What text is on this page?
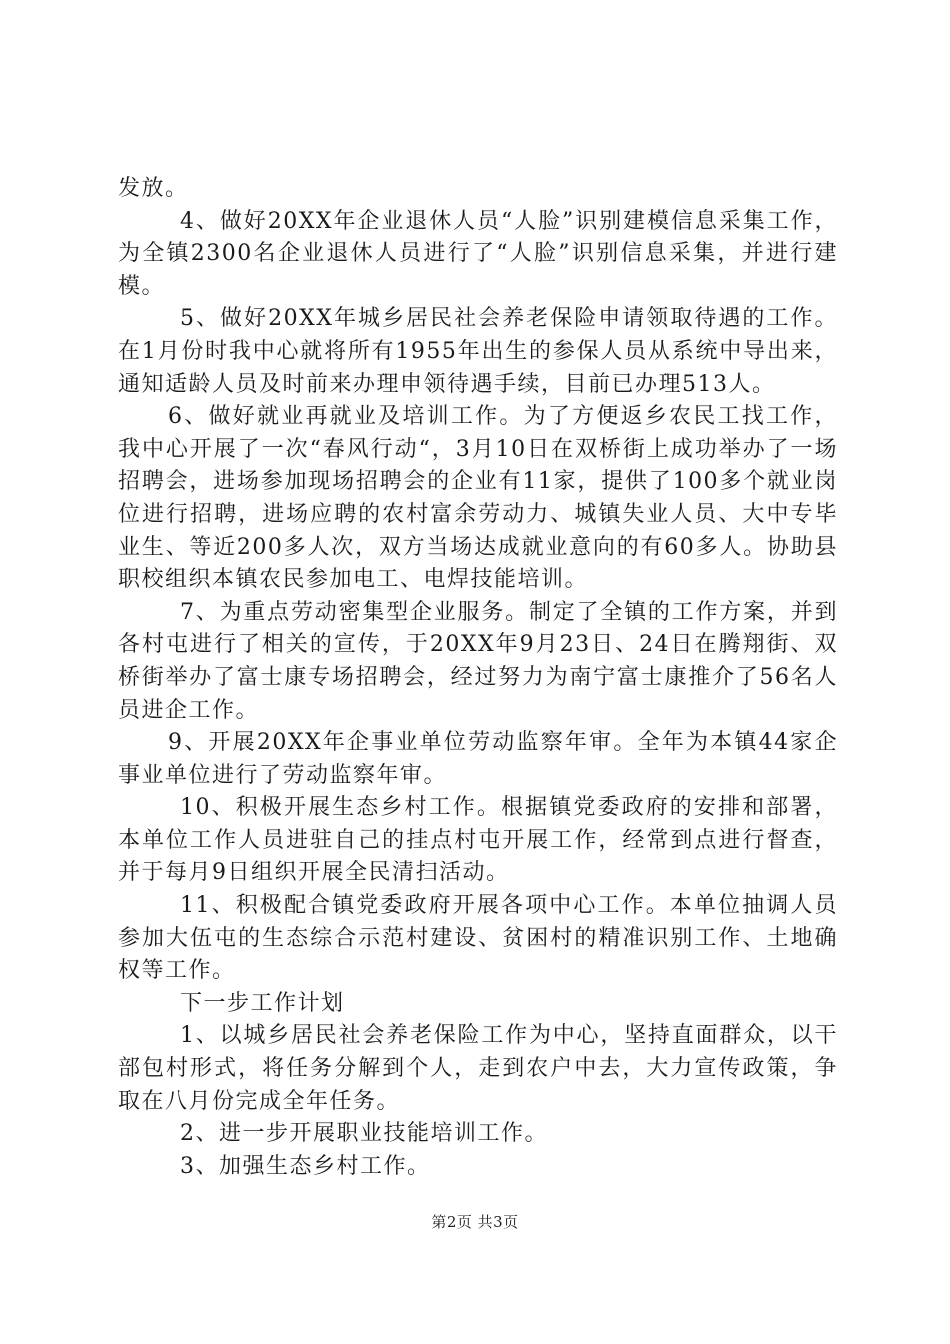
发放。

4、做好20XX年企业退休人员“人脸”识别建模信息采集工作，为全镇2300名企业退休人员进行了“人脸”识别信息采集，并进行建模。

5、做好20XX年城乡居民社会养老保险申请领取待遇的工作。在1月份时我中心就将所有1955年出生的参保人员从系统中导出来，通知适龄人员及时前来办理申领待遇手续，目前已办理513人。

6、做好就业再就业及培训工作。为了方便返乡农民工找工作，我中心开展了一次“春风行动“，3月10日在双桥街上成功举办了一场招聘会，进场参加现场招聘会的企业有11家，提供了100多个就业岗位进行招聘，进场应聘的农村富余劳动力、城镇失业人员、大中专毕业生、等近200多人次，双方当场达成就业意向的有60多人。协助县职校组织本镇农民参加电工、电焊技能培训。

7、为重点劳动密集型企业服务。制定了全镇的工作方案，并到各村屯进行了相关的宣传，于20XX年9月23日、24日在腾翔街、双桥街举办了富士康专场招聘会，经过努力为南宁富士康推介了56名人员进企工作。

9、开展20XX年企事业单位劳动监察年审。全年为本镇44家企事业单位进行了劳动监察年审。

10、积极开展生态乡村工作。根据镇党委政府的安排和部署，本单位工作人员进驻自己的挂点村屯开展工作，经常到点进行督查，并于每月9日组织开展全民清扫活动。

11、积极配合镇党委政府开展各项中心工作。本单位抽调人员参加大伍屯的生态综合示范村建设、贫困村的精准识别工作、土地确权等工作。

下一步工作计划

1、以城乡居民社会养老保险工作为中心，坚持直面群众，以干部包村形式，将任务分解到个人，走到农户中去，大力宣传政策，争取在八月份完成全年任务。

2、进一步开展职业技能培训工作。

3、加强生态乡村工作。

第2页 共3页
